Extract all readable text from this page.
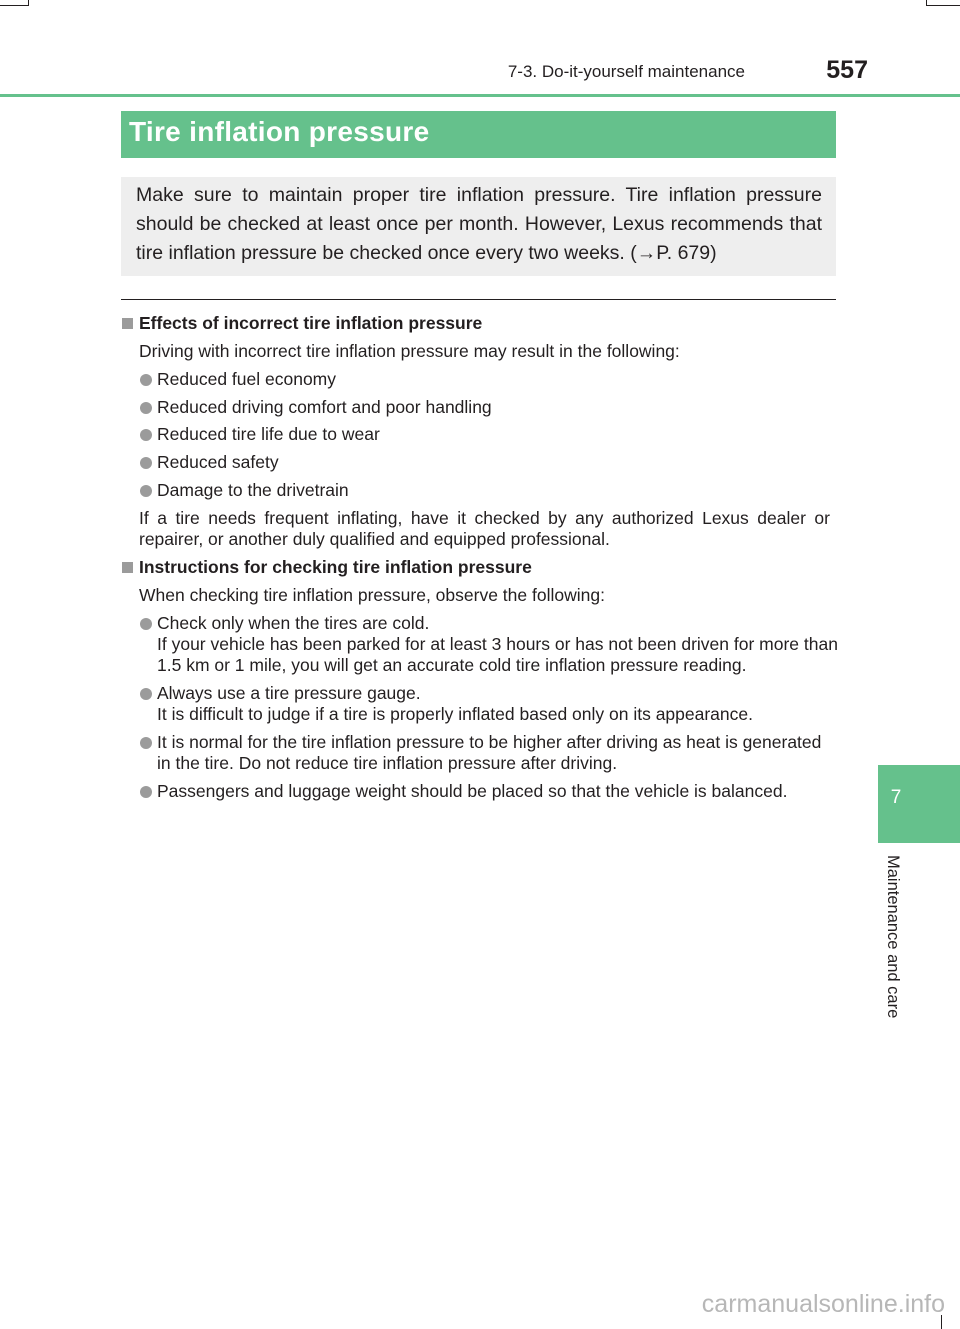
7-3. Do-it-yourself maintenance	557
Tire inflation pressure

Make sure to maintain proper tire inflation pressure. Tire inflation pressure should be checked at least once per month. However, Lexus recommends that tire inflation pressure be checked once every two weeks. (→P. 679)

Effects of incorrect tire inflation pressure
Driving with incorrect tire inflation pressure may result in the following:
Reduced fuel economy
Reduced driving comfort and poor handling
Reduced tire life due to wear
Reduced safety
Damage to the drivetrain
If a tire needs frequent inflating, have it checked by any authorized Lexus dealer or
repairer, or another duly qualified and equipped professional.
Instructions for checking tire inflation pressure
When checking tire inflation pressure, observe the following:
Check only when the tires are cold.
If your vehicle has been parked for at least 3 hours or has not been driven for more than
1.5 km or 1 mile, you will get an accurate cold tire inflation pressure reading.
Always use a tire pressure gauge.
It is difficult to judge if a tire is properly inflated based only on its appearance.
It is normal for the tire inflation pressure to be higher after driving as heat is generated
in the tire. Do not reduce tire inflation pressure after driving.
Passengers and luggage weight should be placed so that the vehicle is balanced.	7
Maintenance and care
carmanualsonline.info
